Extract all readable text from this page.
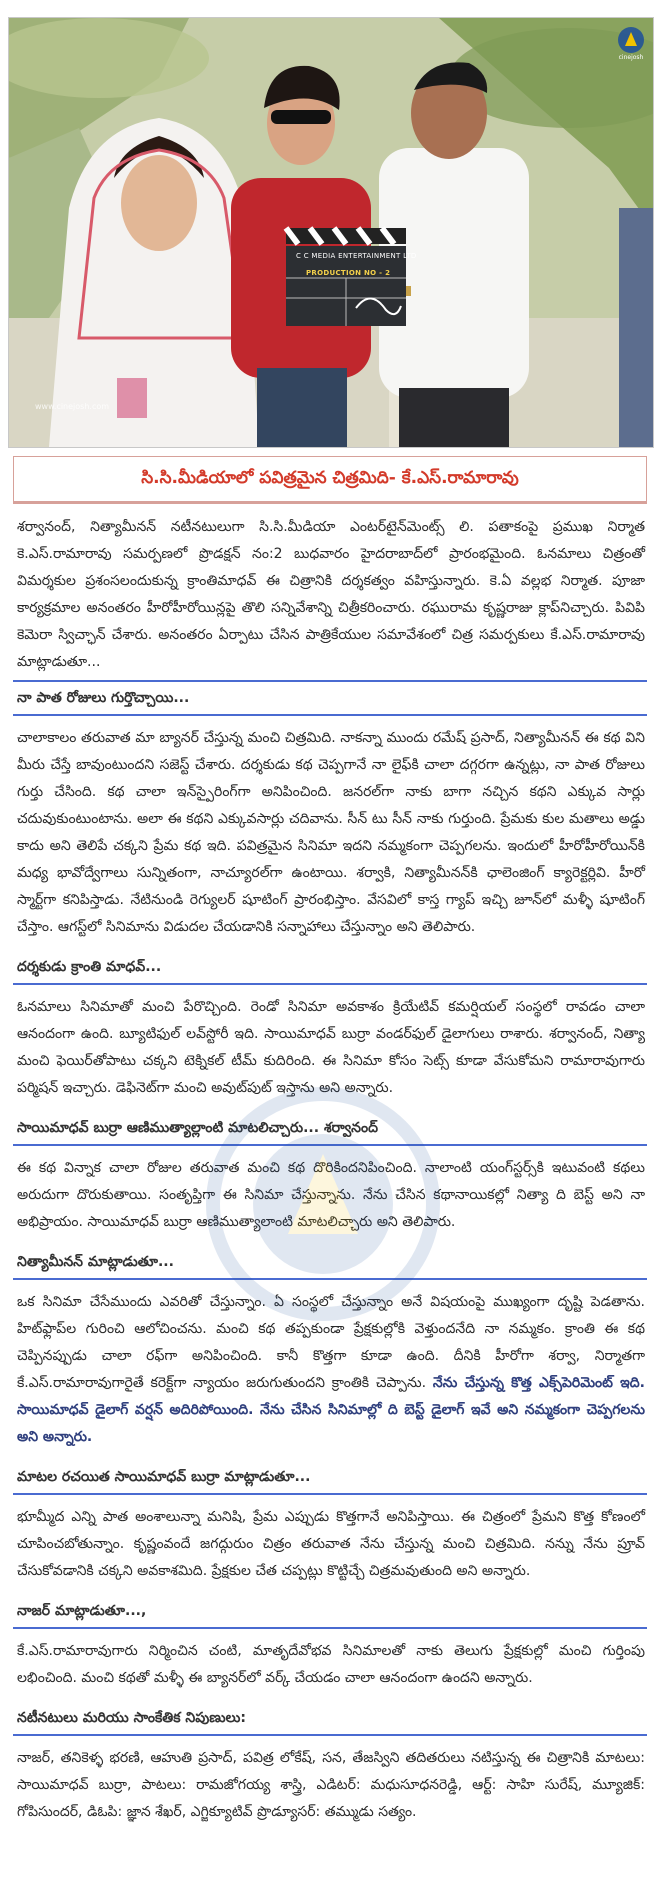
cinejosh
C C MEDIA ENTERTAINMENT LTD
PRODUCTION NO - 2
www.cinejosh.com
సి.సి.మీడియాలో పవిత్రమైన చిత్రమిది- కే.ఎస్.రామారావు
శర్వానంద్, నిత్యామీనన్ నటీనటులుగా సి.సి.మీడియా ఎంటర్‌టైన్‌మెంట్స్ లి. పతాకంపై ప్రముఖ నిర్మాత కె.ఎస్.రామారావు సమర్పణలో ప్రొడక్షన్ నం:2 బుధవారం హైదరాబాద్‌లో ప్రారంభమైంది. ఓనమాలు చిత్రంతో విమర్శకుల ప్రశంసలందుకున్న క్రాంతిమాధవ్ ఈ చిత్రానికి దర్శకత్వం వహిస్తున్నారు. కె.ఏ వల్లభ నిర్మాత. పూజా కార్యక్రమాల అనంతరం హీరోహీరోయిన్లపై తొలి సన్నివేశాన్ని చిత్రీకరించారు. రఘురామ కృష్ణరాజు క్లాప్‌నిచ్చారు. పివిపి కెమెరా స్విచ్ఛాన్ చేశారు. అనంతరం ఏర్పాటు చేసిన పాత్రికేయుల సమావేశంలో చిత్ర సమర్పకులు కే.ఎస్.రామారావు మాట్లాడుతూ...
నా పాత రోజులు గుర్తొచ్చాయి...
చాలాకాలం తరువాత మా బ్యానర్ చేస్తున్న మంచి చిత్రమిది. నాకన్నా ముందు రమేష్ ప్రసాద్, నిత్యామీనన్ ఈ కథ విని మీరు చేస్తే బావుంటుందని సజెస్ట్ చేశారు. దర్శకుడు కథ చెప్పగానే నా లైఫ్‌కి చాలా దగ్గరగా ఉన్నట్లు, నా పాత రోజులు గుర్తు చేసింది. కథ చాలా ఇన్‌స్పైరింగ్‌గా అనిపించింది. జనరల్‌గా నాకు బాగా నచ్చిన కథని ఎక్కువ సార్లు చదువుకుంటుంటాను. అలా ఈ కథని ఎక్కువసార్లు చదివాను. సీన్ టు సీన్ నాకు గుర్తుంది. ప్రేమకు కుల మతాలు అడ్డు కాదు అని తెలిపే చక్కని ప్రేమ కథ ఇది. పవిత్రమైన సినిమా ఇదని నమ్మకంగా చెప్పగలను. ఇందులో హీరోహీరోయిన్‌కి మధ్య భావోద్వేగాలు సున్నితంగా, నాచ్యూరల్‌గా ఉంటాయి. శర్వాకి, నిత్యామీనన్‌కి ఛాలెంజింగ్ క్యారెక్టర్లివి. హీరో స్మార్ట్‌గా కనిపిస్తాడు. నేటినుండి రెగ్యులర్ షూటింగ్ ప్రారంభిస్తాం. వేసవిలో కాస్త గ్యాప్ ఇచ్చి జూన్‌లో మళ్ళీ షూటింగ్ చేస్తాం. ఆగస్ట్‌లో సినిమాను విడుదల చేయడానికి సన్నాహాలు చేస్తున్నాం అని తెలిపారు.
దర్శకుడు క్రాంతి మాధవ్...
ఓనమాలు సినిమాతో మంచి పేరొచ్చింది. రెండో సినిమా అవకాశం క్రియేటివ్ కమర్షియల్ సంస్థలో రావడం చాలా ఆనందంగా ఉంది. బ్యూటిఫుల్ లవ్‌స్టోరీ ఇది. సాయిమాధవ్ బుర్రా వండర్‌ఫుల్ డైలాగులు రాశారు. శర్వానంద్, నిత్యా మంచి ఫెయిర్‌తోపాటు చక్కని టెక్నికల్ టీమ్ కుదిరింది. ఈ సినిమా కోసం సెట్స్ కూడా వేసుకోమని రామారావుగారు పర్మిషన్ ఇచ్చారు. డెఫినెట్‌గా మంచి అవుట్‌పుట్ ఇస్తాను అని అన్నారు.
సాయిమాధవ్ బుర్రా ఆణిముత్యాల్లాంటి మాటలిచ్చారు... శర్వానంద్
ఈ కథ విన్నాక చాలా రోజుల తరువాత మంచి కథ దొరికిందనిపించింది. నాలాంటి యంగ్‌స్టర్స్‌కి ఇటువంటి కథలు అరుదుగా దొరుకుతాయి. సంతృప్తిగా ఈ సినిమా చేస్తున్నాను. నేను చేసిన కథానాయికల్లో నిత్యా ది బెస్ట్ అని నా అభిప్రాయం. సాయిమాధవ్ బుర్రా ఆణిముత్యాలాంటి మాటలిచ్చారు అని తెలిపారు.
నిత్యామీనన్ మాట్లాడుతూ...
ఒక సినిమా చేసేముందు ఎవరితో చేస్తున్నాం. ఏ సంస్థలో చేస్తున్నాం అనే విషయంపై ముఖ్యంగా దృష్టి పెడతాను. హిట్‌ఫ్లాప్‌ల గురించి ఆలోచించను. మంచి కథ తప్పకుండా ప్రేక్షకుల్లోకి వెళ్తుందనేది నా నమ్మకం. క్రాంతి ఈ కథ చెప్పినప్పుడు చాలా రఫ్‌గా అనిపించింది. కానీ కొత్తగా కూడా ఉంది. దీనికి హీరోగా శర్వా, నిర్మాతగా కే.ఎస్.రామారావుగారైతే కరెక్ట్‌గా న్యాయం జరుగుతుందని క్రాంతికి చెప్పాను. నేను చేస్తున్న కొత్త ఎక్స్‌పెరిమెంట్ ఇది. సాయిమాధవ్ డైలాగ్ వర్షన్ అదిరిపోయింది. నేను చేసిన సినిమాల్లో ది బెస్ట్ డైలాగ్ ఇవే అని నమ్మకంగా చెప్పగలను అని అన్నారు.
మాటల రచయిత సాయిమాధవ్ బుర్రా మాట్లాడుతూ...
భూమ్మీద ఎన్ని పాత అంశాలున్నా మనిషి, ప్రేమ ఎప్పుడు కొత్తగానే అనిపిస్తాయి. ఈ చిత్రంలో ప్రేమని కొత్త కోణంలో చూపించబోతున్నాం. కృష్ణంవందే జగద్గురుం చిత్రం తరువాత నేను చేస్తున్న మంచి చిత్రమిది. నన్ను నేను ప్రూవ్ చేసుకోవడానికి చక్కని అవకాశమిది. ప్రేక్షకుల చేత చప్పట్లు కొట్టిచ్చే చిత్రమవుతుంది అని అన్నారు.
నాజర్ మాట్లాడుతూ...,
కే.ఎస్.రామారావుగారు నిర్మించిన చంటి, మాతృదేవోభవ సినిమాలతో నాకు తెలుగు ప్రేక్షకుల్లో మంచి గుర్తింపు లభించింది. మంచి కథతో మళ్ళీ ఈ బ్యానర్‌లో వర్క్ చేయడం చాలా ఆనందంగా ఉందని అన్నారు.
నటీనటులు మరియు సాంకేతిక నిపుణులు:
నాజర్, తనికెళ్ళ భరణి, ఆహుతి ప్రసాద్, పవిత్ర లోకేష్, సన, తేజస్విని తదితరులు నటిస్తున్న ఈ చిత్రానికి మాటలు: సాయిమాధవ్ బుర్రా, పాటలు: రామజోగయ్య శాస్త్రి, ఎడిటర్: మధుసూధనరెడ్డి, ఆర్ట్: సాహి సురేష్, మ్యూజిక్: గోపిసుందర్, డిఓపి: జ్ఞాన శేఖర్, ఎగ్జిక్యూటివ్ ప్రొడ్యూసర్: తమ్ముడు సత్యం.
